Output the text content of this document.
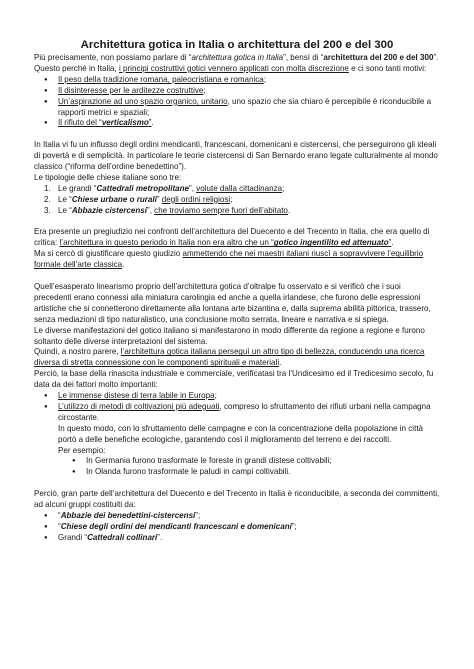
Architettura gotica in Italia o architettura del 200 e del 300

Più precisamente, non possiamo parlare di “architettura gotica in Italia”, bensì di “architettura del 200 e del 300”.

Questo perché in Italia, i principi costruttivi gotici vennero applicati con molta discrezione e ci sono tanti motivi:

● Il peso della tradizione romana, paleocristiana e romanica;
● Il disinteresse per le arditezze costruttive;
● Un’aspirazione ad uno spazio organico, unitario, uno spazio che sia chiaro è percepibile è riconducibile a rapporti metrici e spaziali;
● Il rifiuto del “verticalismo”.

In Italia vi fu un influsso degli ordini mendicanti, francescani, domenicani e cistercensi, che perseguirono gli ideali di povertà e di semplicità. In particolare le teorie cistercensi di San Bernardo erano legate culturalmente al mondo classico (“riforma dell’ordine benedettino”).

Le tipologie delle chiese italiane sono tre:

1. Le grandi “Cattedrali metropolitane”, volute dalla cittadinanza;
2. Le “Chiese urbane o rurali” degli ordini religiosi;
3. Le “Abbazie cistercensi”, che troviamo sempre fuori dell’abitato.

Era presente un pregiudizio nei confronti dell’architettura del Duecento e del Trecento in Italia, che era quello di critica: l’architettura in questo periodo in Italia non era altro che un “gotico ingentilito ed attenuato”.

Ma si cercò di giustificare questo giudizio ammettendo che nei maestri italiani riuscì a sopravvivere l’equilibrio formale dell’arte classica.

Quell’esasperato linearismo proprio dell’architettura gotica d’oltralpe fu osservato e si verificò che i suoi precedenti erano connessi alla miniatura carolingia ed anche a quella irlandese, che furono delle espressioni artistiche che si connetterono direttamente alla lontana arte bizantina e, dalla suprema abilità pittorica, trassero, senza mediazioni di tipo naturalistico, una conclusione molto serrata, lineare e narrativa e si spiega.

Le diverse manifestazioni del gotico italiano si manifestarono in modo differente da regione a regione e furono soltanto delle diverse interpretazioni del sistema.

Quindi, a nostro parere, l’architettura gotica italiana perseguì un altro tipo di bellezza, conducendo una ricerca diversa di stretta connessione con le componenti spirituali e materiali.

Perciò, la base della rinascita industriale e commerciale, verificatasi tra l’Undicesimo ed il Tredicesimo secolo, fu data da dei fattori molto importanti:

● Le immense distese di terra labile in Europa;
● L’utilizzo di metodi di coltivazioni più adeguati, compreso lo sfruttamento dei rifiuti urbani nella campagna circostante.

In questo modo, con lo sfruttamento delle campagne e con la concentrazione della popolazione in città portò a delle benefiche ecologiche, garantendo così il miglioramento del terreno e dei raccolti.

Per esempio:

● In Germania furono trasformate le foreste in grandi distese coltivabili;
● In Olanda furono trasformate le paludi in campi coltivabili.

Perciò, gran parte dell’architettura del Duecento e del Trecento in Italia è riconducibile, a seconda dei committenti, ad alcuni gruppi costituiti da:

● “Abbazie dei benedettini-cistercensi”;
● “Chiese degli ordini dei mendicanti francescani e domenicani”;
● Grandi “Cattedrali collinari”.
